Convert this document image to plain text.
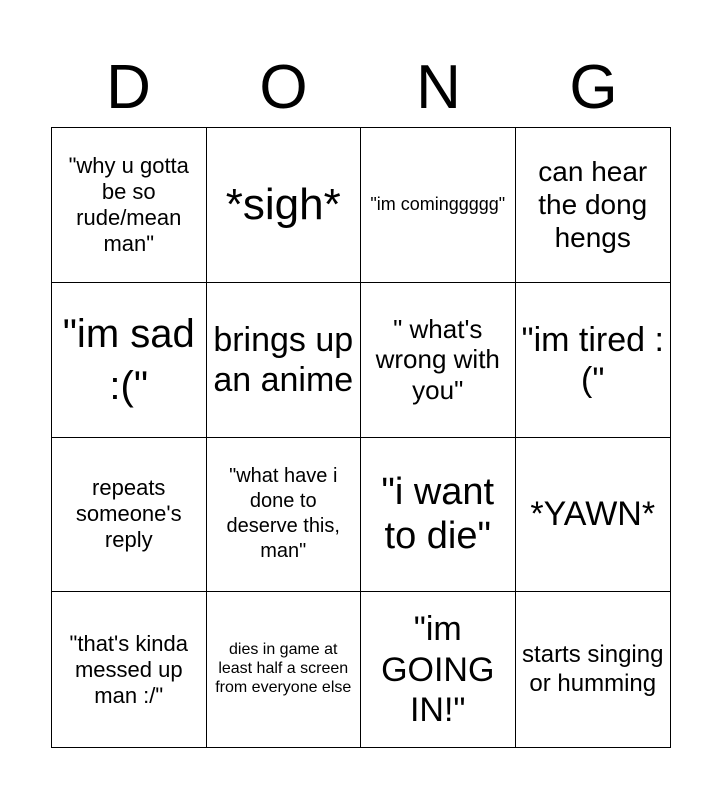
D	O	N	G
"why u gotta be so rude/mean man"
*sigh* "im cominggggg"
can hear the dong hengs
"im sad :("
brings up an anime
" what's wrong with you"
"im tired :("
repeats someone's reply
"what have i done to deserve this, man"
"i want to die"
*YAWN*
"that's kinda messed up man :/"
dies in game at least half a screen from everyone else
"im GOING IN!"
starts singing or humming
